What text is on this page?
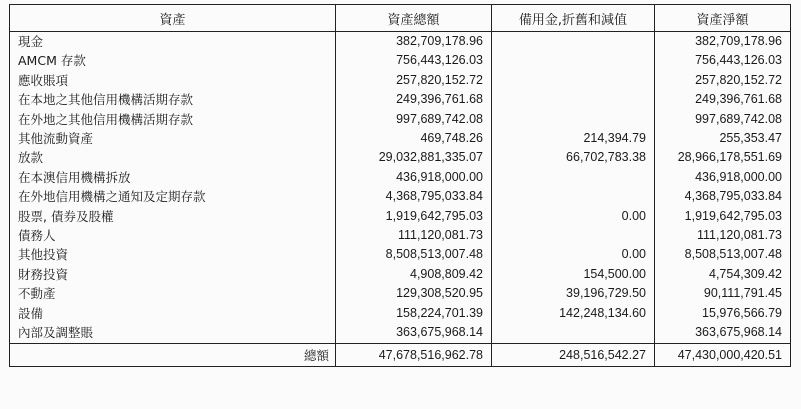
資產	資產總額	備用金,折舊和減值	資產淨額
現金	382,709,178.96		382,709,178.96
AMCM 存款	756,443,126.03		756,443,126.03
應收賬項	257,820,152.72		257,820,152.72
在本地之其他信用機構活期存款	249,396,761.68		249,396,761.68
在外地之其他信用機構活期存款	997,689,742.08		997,689,742.08
其他流動資產	469,748.26	214,394.79	255,353.47
放款	29,032,881,335.07	66,702,783.38	28,966,178,551.69
在本澳信用機構拆放	436,918,000.00		436,918,000.00
在外地信用機構之通知及定期存款	4,368,795,033.84		4,368,795,033.84
股票, 債券及股權	1,919,642,795.03	0.00	1,919,642,795.03
債務人	111,120,081.73		111,120,081.73
其他投資	8,508,513,007.48	0.00	8,508,513,007.48
財務投資	4,908,809.42	154,500.00	4,754,309.42
不動產	129,308,520.95	39,196,729.50	90,111,791.45
設備	158,224,701.39	142,248,134.60	15,976,566.79
內部及調整賬	363,675,968.14		363,675,968.14
總額	47,678,516,962.78	248,516,542.27	47,430,000,420.51
